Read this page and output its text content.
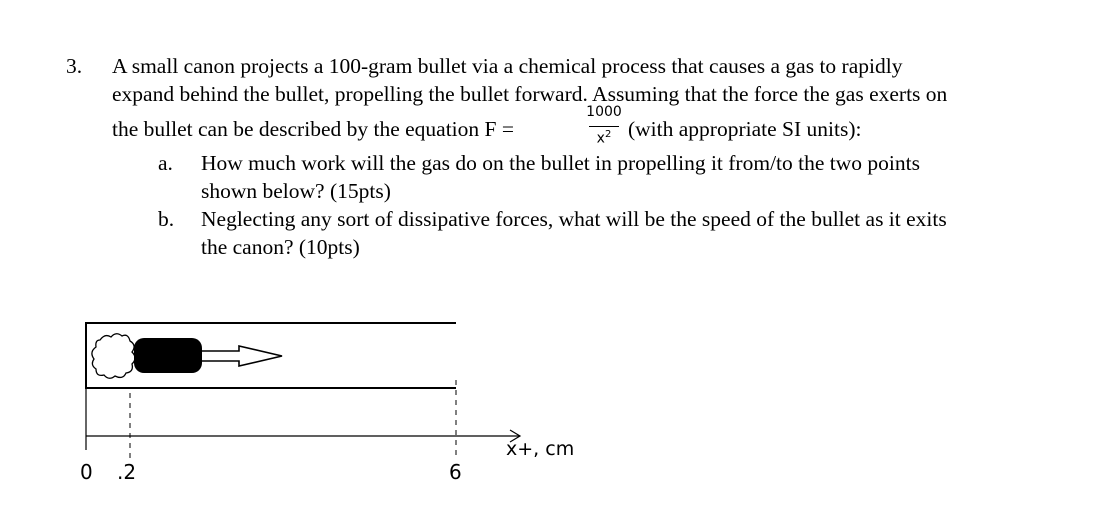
3. A small canon projects a 100-gram bullet via a chemical process that causes a gas to rapidly
expand behind the bullet, propelling the bullet forward. Assuming that the force the gas exerts on
the bullet can be described by the equation F =
1000
$x^2$ (with appropriate SI units):
a. How much work will the gas do on the bullet in propelling it from/to the two points
shown below? (15pts)
b. Neglecting any sort of dissipative forces, what will be the speed of the bullet as it exits
the canon? (10pts)
x+, cm
0 .2	6
